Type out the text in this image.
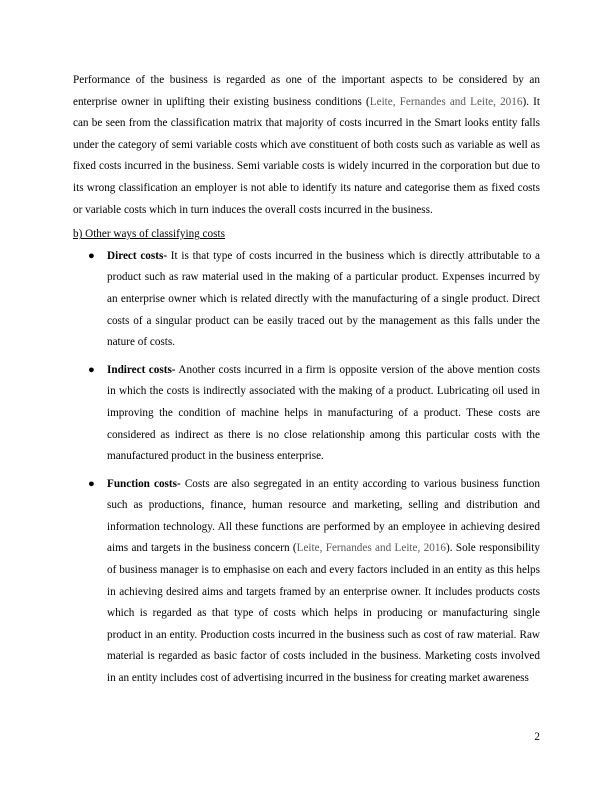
Performance of the business is regarded as one of the important aspects to be considered by an enterprise owner in uplifting their existing business conditions (Leite, Fernandes and Leite, 2016). It can be seen from the classification matrix that majority of costs incurred in the Smart looks entity falls under the category of semi variable costs which ave constituent of both costs such as variable as well as fixed costs incurred in the business. Semi variable costs is widely incurred in the corporation but due to its wrong classification an employer is not able to identify its nature and categorise them as fixed costs or variable costs which in turn induces the overall costs incurred in the business.

b) Other ways of classifying costs

● Direct costs- It is that type of costs incurred in the business which is directly attributable to a product such as raw material used in the making of a particular product. Expenses incurred by an enterprise owner which is related directly with the manufacturing of a single product. Direct costs of a singular product can be easily traced out by the management as this falls under the nature of costs.

● Indirect costs- Another costs incurred in a firm is opposite version of the above mention costs in which the costs is indirectly associated with the making of a product. Lubricating oil used in improving the condition of machine helps in manufacturing of a product. These costs are considered as indirect as there is no close relationship among this particular costs with the manufactured product in the business enterprise.

● Function costs- Costs are also segregated in an entity according to various business function such as productions, finance, human resource and marketing, selling and distribution and information technology. All these functions are performed by an employee in achieving desired aims and targets in the business concern (Leite, Fernandes and Leite, 2016). Sole responsibility of business manager is to emphasise on each and every factors included in an entity as this helps in achieving desired aims and targets framed by an enterprise owner. It includes products costs which is regarded as that type of costs which helps in producing or manufacturing single product in an entity. Production costs incurred in the business such as cost of raw material. Raw material is regarded as basic factor of costs included in the business. Marketing costs involved in an entity includes cost of advertising incurred in the business for creating market awareness

2
